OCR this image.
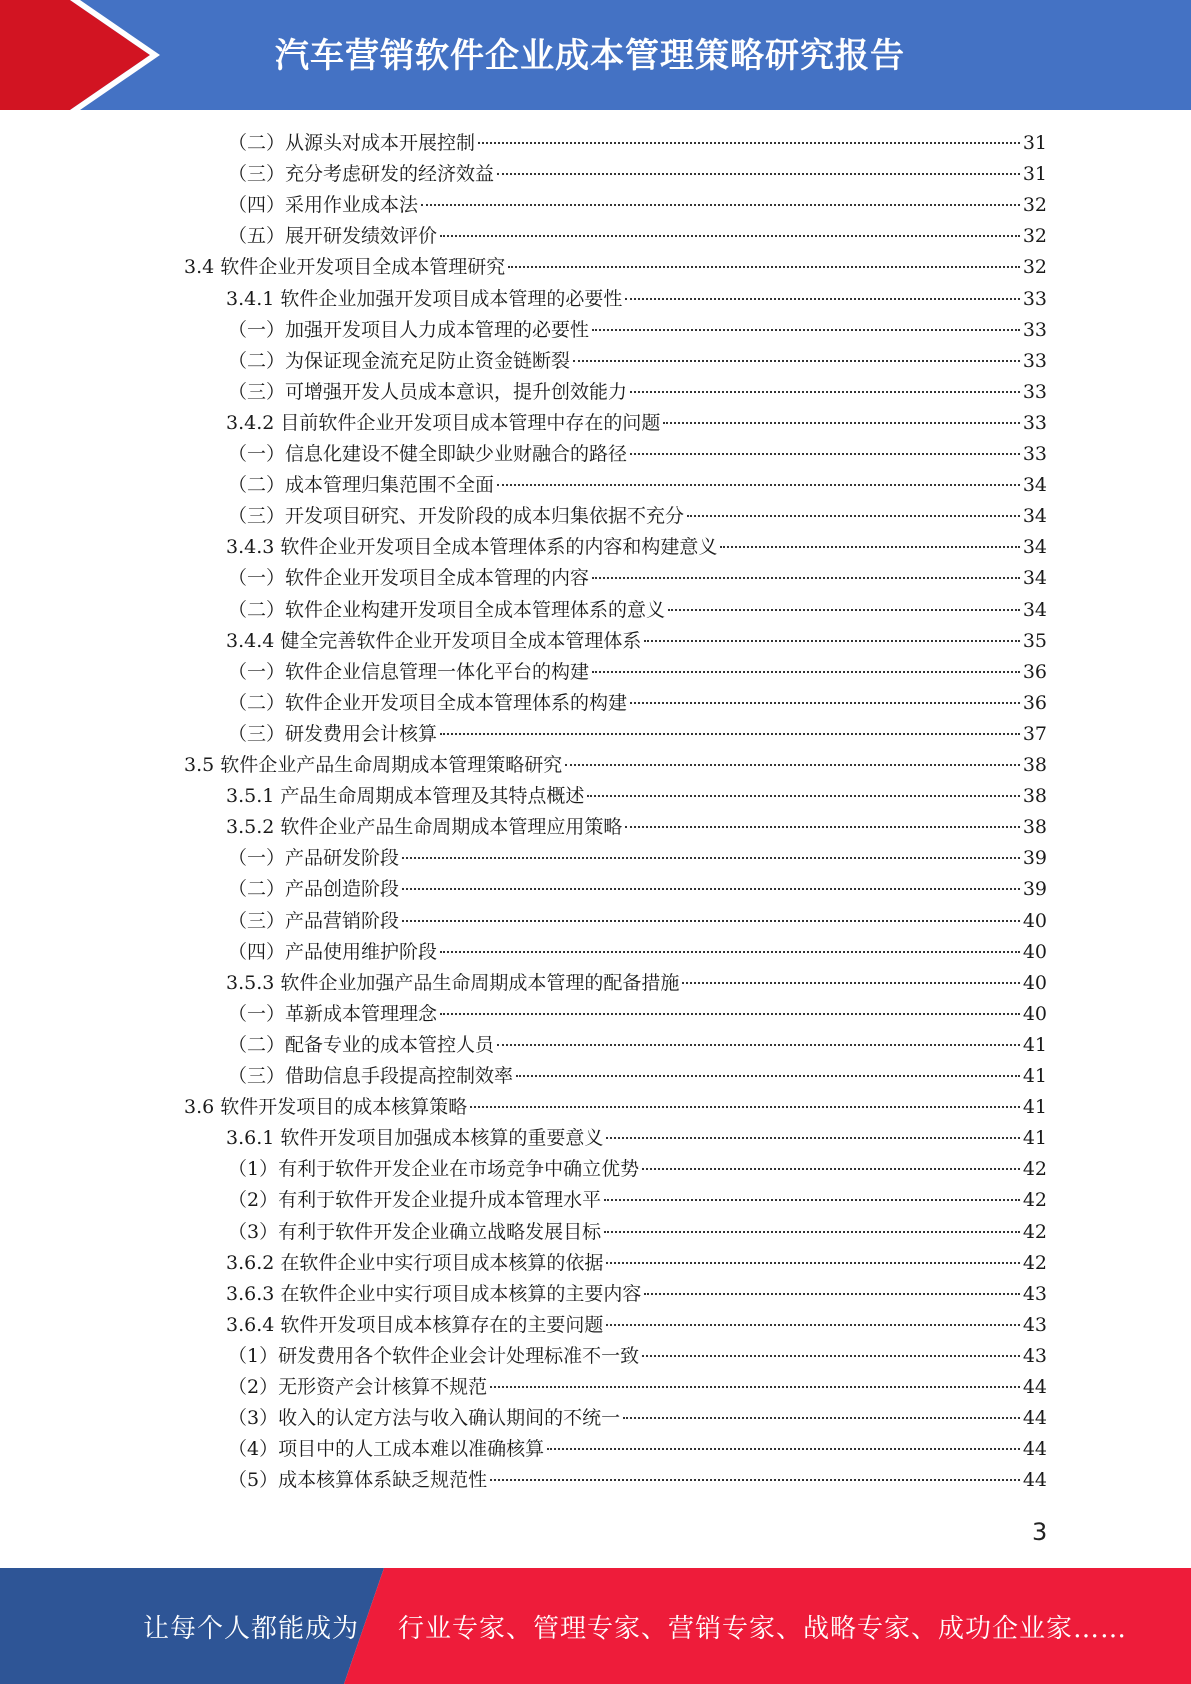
汽车营销软件企业成本管理策略研究报告
（二）从源头对成本开展控制	31
（三）充分考虑研发的经济效益	31
（四）采用作业成本法	32
（五）展开研发绩效评价	32
3.4 软件企业开发项目全成本管理研究	32
3.4.1 软件企业加强开发项目成本管理的必要性	33
（一）加强开发项目人力成本管理的必要性	33
（二）为保证现金流充足防止资金链断裂	33
（三）可增强开发人员成本意识，提升创效能力	33
3.4.2 目前软件企业开发项目成本管理中存在的问题	33
（一）信息化建设不健全即缺少业财融合的路径	33
（二）成本管理归集范围不全面	34
（三）开发项目研究、开发阶段的成本归集依据不充分	34
3.4.3 软件企业开发项目全成本管理体系的内容和构建意义	34
（一）软件企业开发项目全成本管理的内容	34
（二）软件企业构建开发项目全成本管理体系的意义	34
3.4.4 健全完善软件企业开发项目全成本管理体系	35
（一）软件企业信息管理一体化平台的构建	36
（二）软件企业开发项目全成本管理体系的构建	36
（三）研发费用会计核算	37
3.5 软件企业产品生命周期成本管理策略研究	38
3.5.1 产品生命周期成本管理及其特点概述	38
3.5.2 软件企业产品生命周期成本管理应用策略	38
（一）产品研发阶段	39
（二）产品创造阶段	39
（三）产品营销阶段	40
（四）产品使用维护阶段	40
3.5.3 软件企业加强产品生命周期成本管理的配备措施	40
（一）革新成本管理理念	40
（二）配备专业的成本管控人员	41
（三）借助信息手段提高控制效率	41
3.6 软件开发项目的成本核算策略	41
3.6.1 软件开发项目加强成本核算的重要意义	41
（1）有利于软件开发企业在市场竞争中确立优势	42
（2）有利于软件开发企业提升成本管理水平	42
（3）有利于软件开发企业确立战略发展目标	42
3.6.2 在软件企业中实行项目成本核算的依据	42
3.6.3 在软件企业中实行项目成本核算的主要内容	43
3.6.4 软件开发项目成本核算存在的主要问题	43
（1）研发费用各个软件企业会计处理标准不一致	43
（2）无形资产会计核算不规范	44
（3）收入的认定方法与收入确认期间的不统一	44
（4）项目中的人工成本难以准确核算	44
（5）成本核算体系缺乏规范性	44
3
让每个人都能成为 行业专家、管理专家、营销专家、战略专家、成功企业家……
